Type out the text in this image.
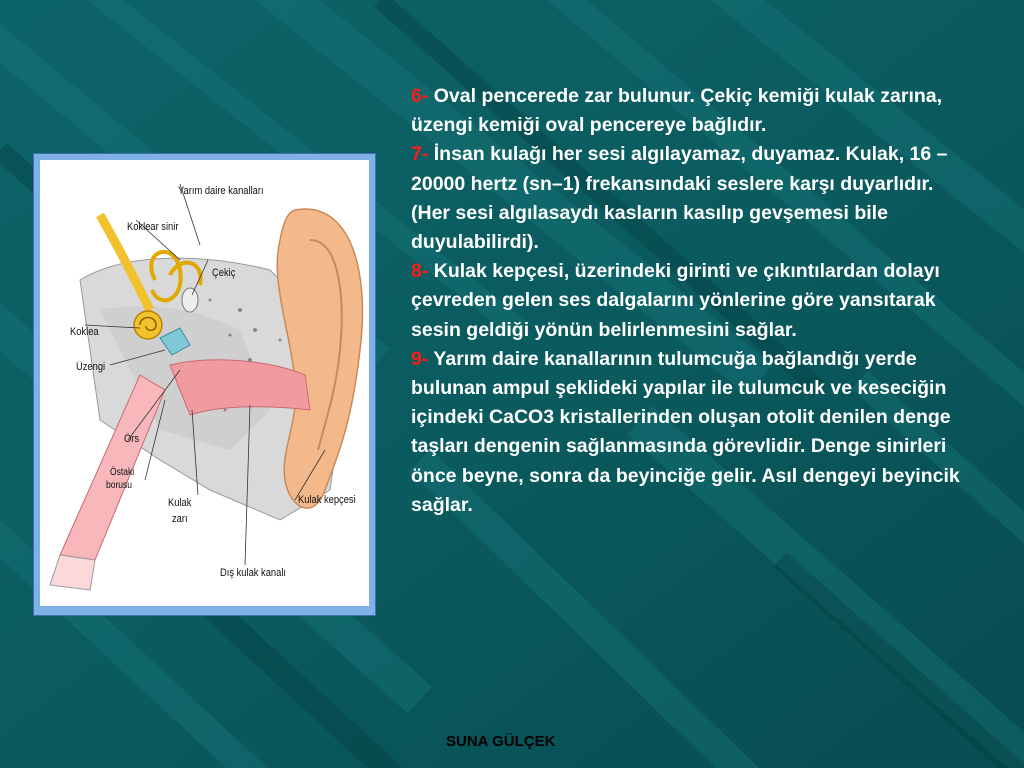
Yarım daire kanalları
Koklear sinir
Çekiç
Koklea
Üzengi
Örs
Östaki
borusu
Kulak
zarı
Kulak kepçesi
Dış kulak kanalı

6- Oval pencerede zar bulunur. Çekiç kemiği kulak zarına, üzengi kemiği oval pencereye bağlıdır.

7- İnsan kulağı her sesi algılayamaz, duyamaz. Kulak, 16 – 20000 hertz (sn–1) frekansındaki seslere karşı duyarlıdır. (Her sesi algılasaydı kasların kasılıp gevşemesi bile duyulabilirdi).

8- Kulak kepçesi, üzerindeki girinti ve çıkıntılardan dolayı çevreden gelen ses dalgalarını yönlerine göre yansıtarak sesin geldiği yönün belirlenmesini sağlar.

9- Yarım daire kanallarının tulumcuğa bağlandığı yerde bulunan ampul şeklideki yapılar ile tulumcuk ve keseciğin içindeki CaCO3 kristallerinden oluşan otolit denilen denge taşları dengenin sağlanmasında görevlidir. Denge sinirleri önce beyne, sonra da beyinciğe gelir. Asıl dengeyi beyincik sağlar.

SUNA GÜLÇEK
